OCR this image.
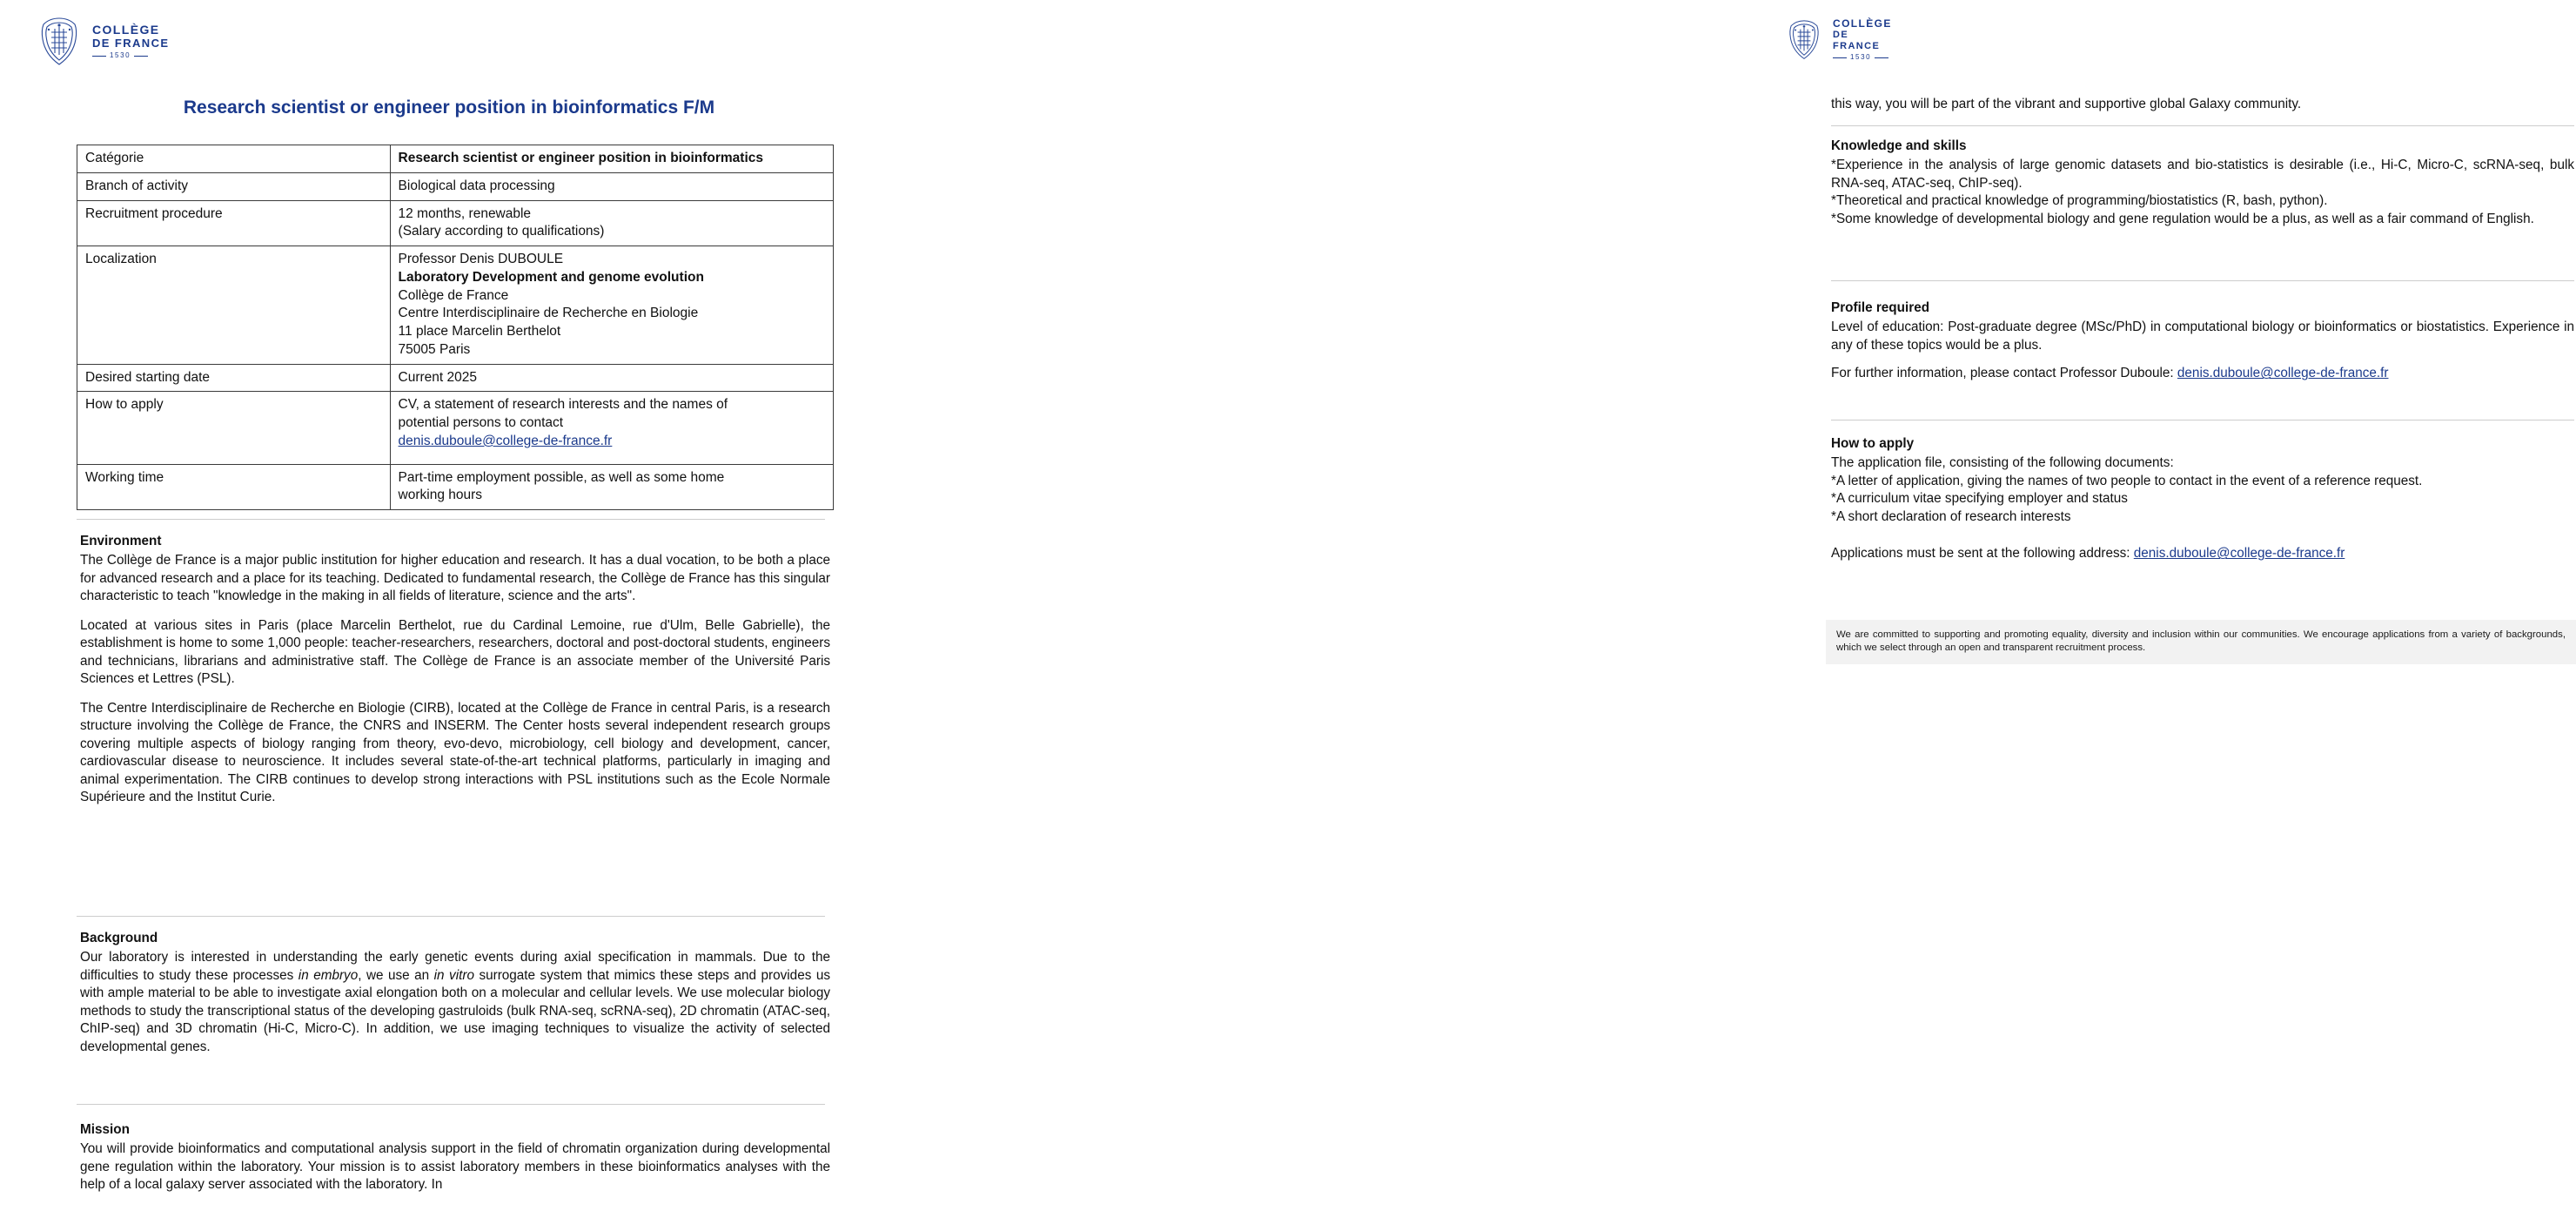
COLLÈGE
DE FRANCE
1530
Research scientist or engineer position in bioinformatics F/M
Catégorie	Research scientist or engineer position in bioinformatics
Branch of activity	Biological data processing
Recruitment procedure	12 months, renewable
(Salary according to qualifications)

Localization	Professor Denis DUBOULE
Laboratory Development and genome evolution
Collège de France
Centre Interdisciplinaire de Recherche en Biologie
11 place Marcelin Berthelot
75005 Paris

Desired starting date	Current 2025
How to apply	CV, a statement of research interests and the names of
potential persons to contact
denis.duboule@college-de-france.fr

Working time	Part-time employment possible, as well as some home
working hours
Environment

The Collège de France is a major public institution for higher education and research. It has a dual vocation, to be both a place for advanced research and a place for its teaching. Dedicated to fundamental research, the Collège de France has this singular characteristic to teach "knowledge in the making in all fields of literature, science and the arts".

Located at various sites in Paris (place Marcelin Berthelot, rue du Cardinal Lemoine, rue d'Ulm, Belle Gabrielle), the establishment is home to some 1,000 people: teacher-researchers, researchers, doctoral and post-doctoral students, engineers and technicians, librarians and administrative staff. The Collège de France is an associate member of the Université Paris Sciences et Lettres (PSL).

The Centre Interdisciplinaire de Recherche en Biologie (CIRB), located at the Collège de France in central Paris, is a research structure involving the Collège de France, the CNRS and INSERM. The Center hosts several independent research groups covering multiple aspects of biology ranging from theory, evo-devo, microbiology, cell biology and development, cancer, cardiovascular disease to neuroscience. It includes several state-of-the-art technical platforms, particularly in imaging and animal experimentation. The CIRB continues to develop strong interactions with PSL institutions such as the Ecole Normale Supérieure and the Institut Curie.

Background

Our laboratory is interested in understanding the early genetic events during axial specification in mammals. Due to the difficulties to study these processes in embryo, we use an in vitro surrogate system that mimics these steps and provides us with ample material to be able to investigate axial elongation both on a molecular and cellular levels. We use molecular biology methods to study the transcriptional status of the developing gastruloids (bulk RNA-seq, scRNA-seq), 2D chromatin (ATAC-seq, ChIP-seq) and 3D chromatin (Hi-C, Micro-C). In addition, we use imaging techniques to visualize the activity of selected developmental genes.

Mission

You will provide bioinformatics and computational analysis support in the field of chromatin organization during developmental gene regulation within the laboratory. Your mission is to assist laboratory members in these bioinformatics analyses with the help of a local galaxy server associated with the laboratory. In

COLLÈGE
DE FRANCE
1530

this way, you will be part of the vibrant and supportive global Galaxy community.

Knowledge and skills

*Experience in the analysis of large genomic datasets and bio-statistics is desirable (i.e., Hi-C, Micro-C, scRNA-seq, bulk RNA-seq, ATAC-seq, ChIP-seq).

*Theoretical and practical knowledge of programming/biostatistics (R, bash, python).

*Some knowledge of developmental biology and gene regulation would be a plus, as well as a fair command of English.

Profile required

Level of education: Post-graduate degree (MSc/PhD) in computational biology or bioinformatics or biostatistics. Experience in any of these topics would be a plus.

For further information, please contact Professor Duboule: denis.duboule@college-de-france.fr

How to apply

The application file, consisting of the following documents:

*A letter of application, giving the names of two people to contact in the event of a reference request.

*A curriculum vitae specifying employer and status

*A short declaration of research interests

Applications must be sent at the following address: denis.duboule@college-de-france.fr

We are committed to supporting and promoting equality, diversity and inclusion within our communities. We encourage applications from a variety of backgrounds, which we select through an open and transparent recruitment process.
